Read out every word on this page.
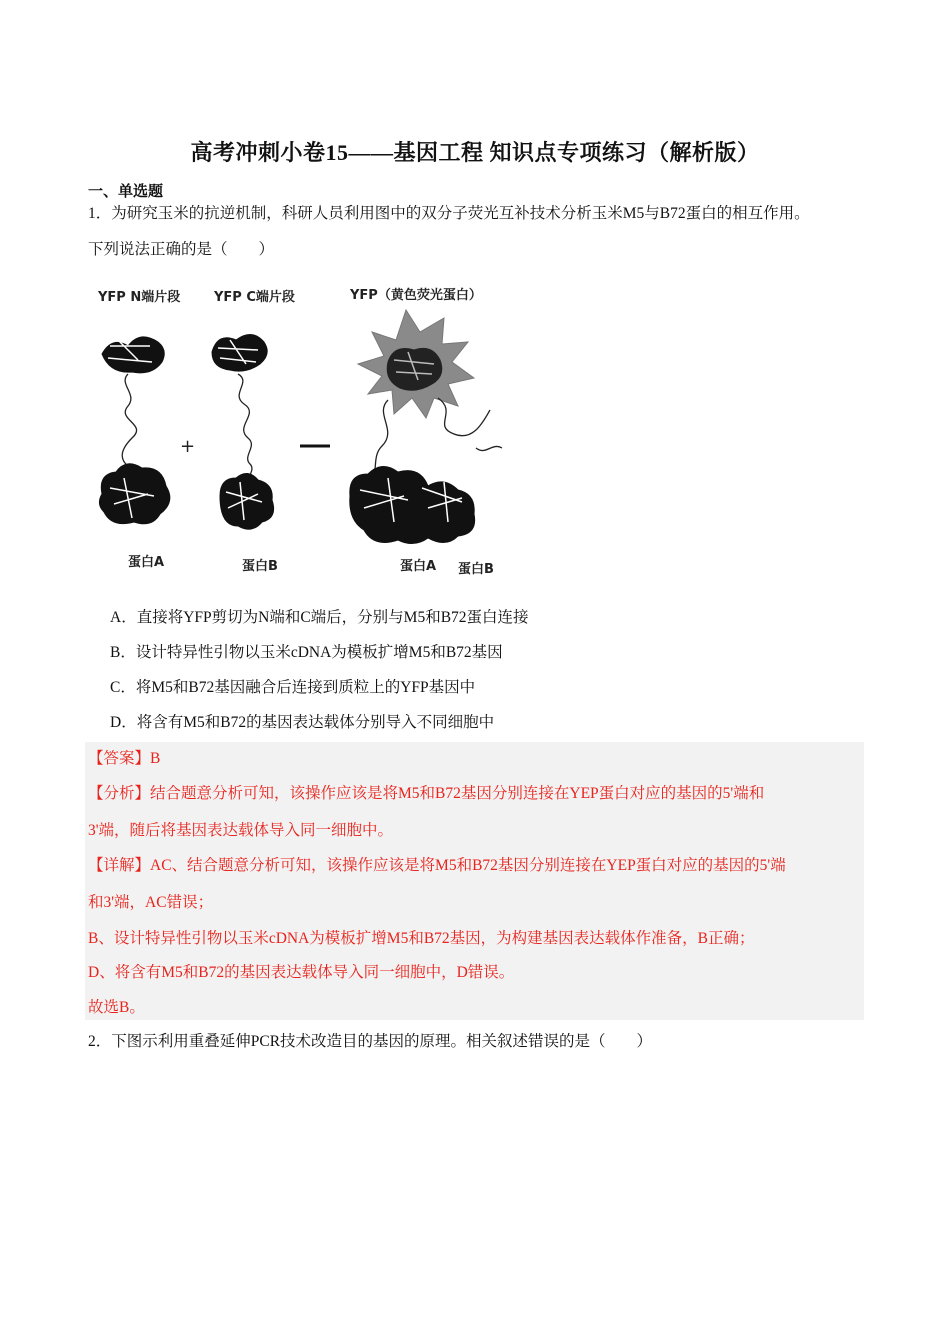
高考冲刺小卷15——基因工程 知识点专项练习（解析版）
一、单选题
1．为研究玉米的抗逆机制，科研人员利用图中的双分子荧光互补技术分析玉米M5与B72蛋白的相互作用。
下列说法正确的是（　　）
YFP N端片段	YFP C端片段	YFP（黄色荧光蛋白）
蛋白A
+
蛋白B	蛋白A 蛋白B
A．直接将YFP剪切为N端和C端后，分别与M5和B72蛋白连接
B．设计特异性引物以玉米cDNA为模板扩增M5和B72基因
C．将M5和B72基因融合后连接到质粒上的YFP基因中
D．将含有M5和B72的基因表达载体分别导入不同细胞中
【答案】B
【分析】结合题意分析可知，该操作应该是将M5和B72基因分别连接在YEP蛋白对应的基因的5'端和
3'端，随后将基因表达载体导入同一细胞中。
【详解】AC、结合题意分析可知，该操作应该是将M5和B72基因分别连接在YEP蛋白对应的基因的5'端
和3'端，AC错误；
B、设计特异性引物以玉米cDNA为模板扩增M5和B72基因，为构建基因表达载体作准备，B正确；
D、将含有M5和B72的基因表达载体导入同一细胞中，D错误。
故选B。
2．下图示利用重叠延伸PCR技术改造目的基因的原理。相关叙述错误的是（　　）
